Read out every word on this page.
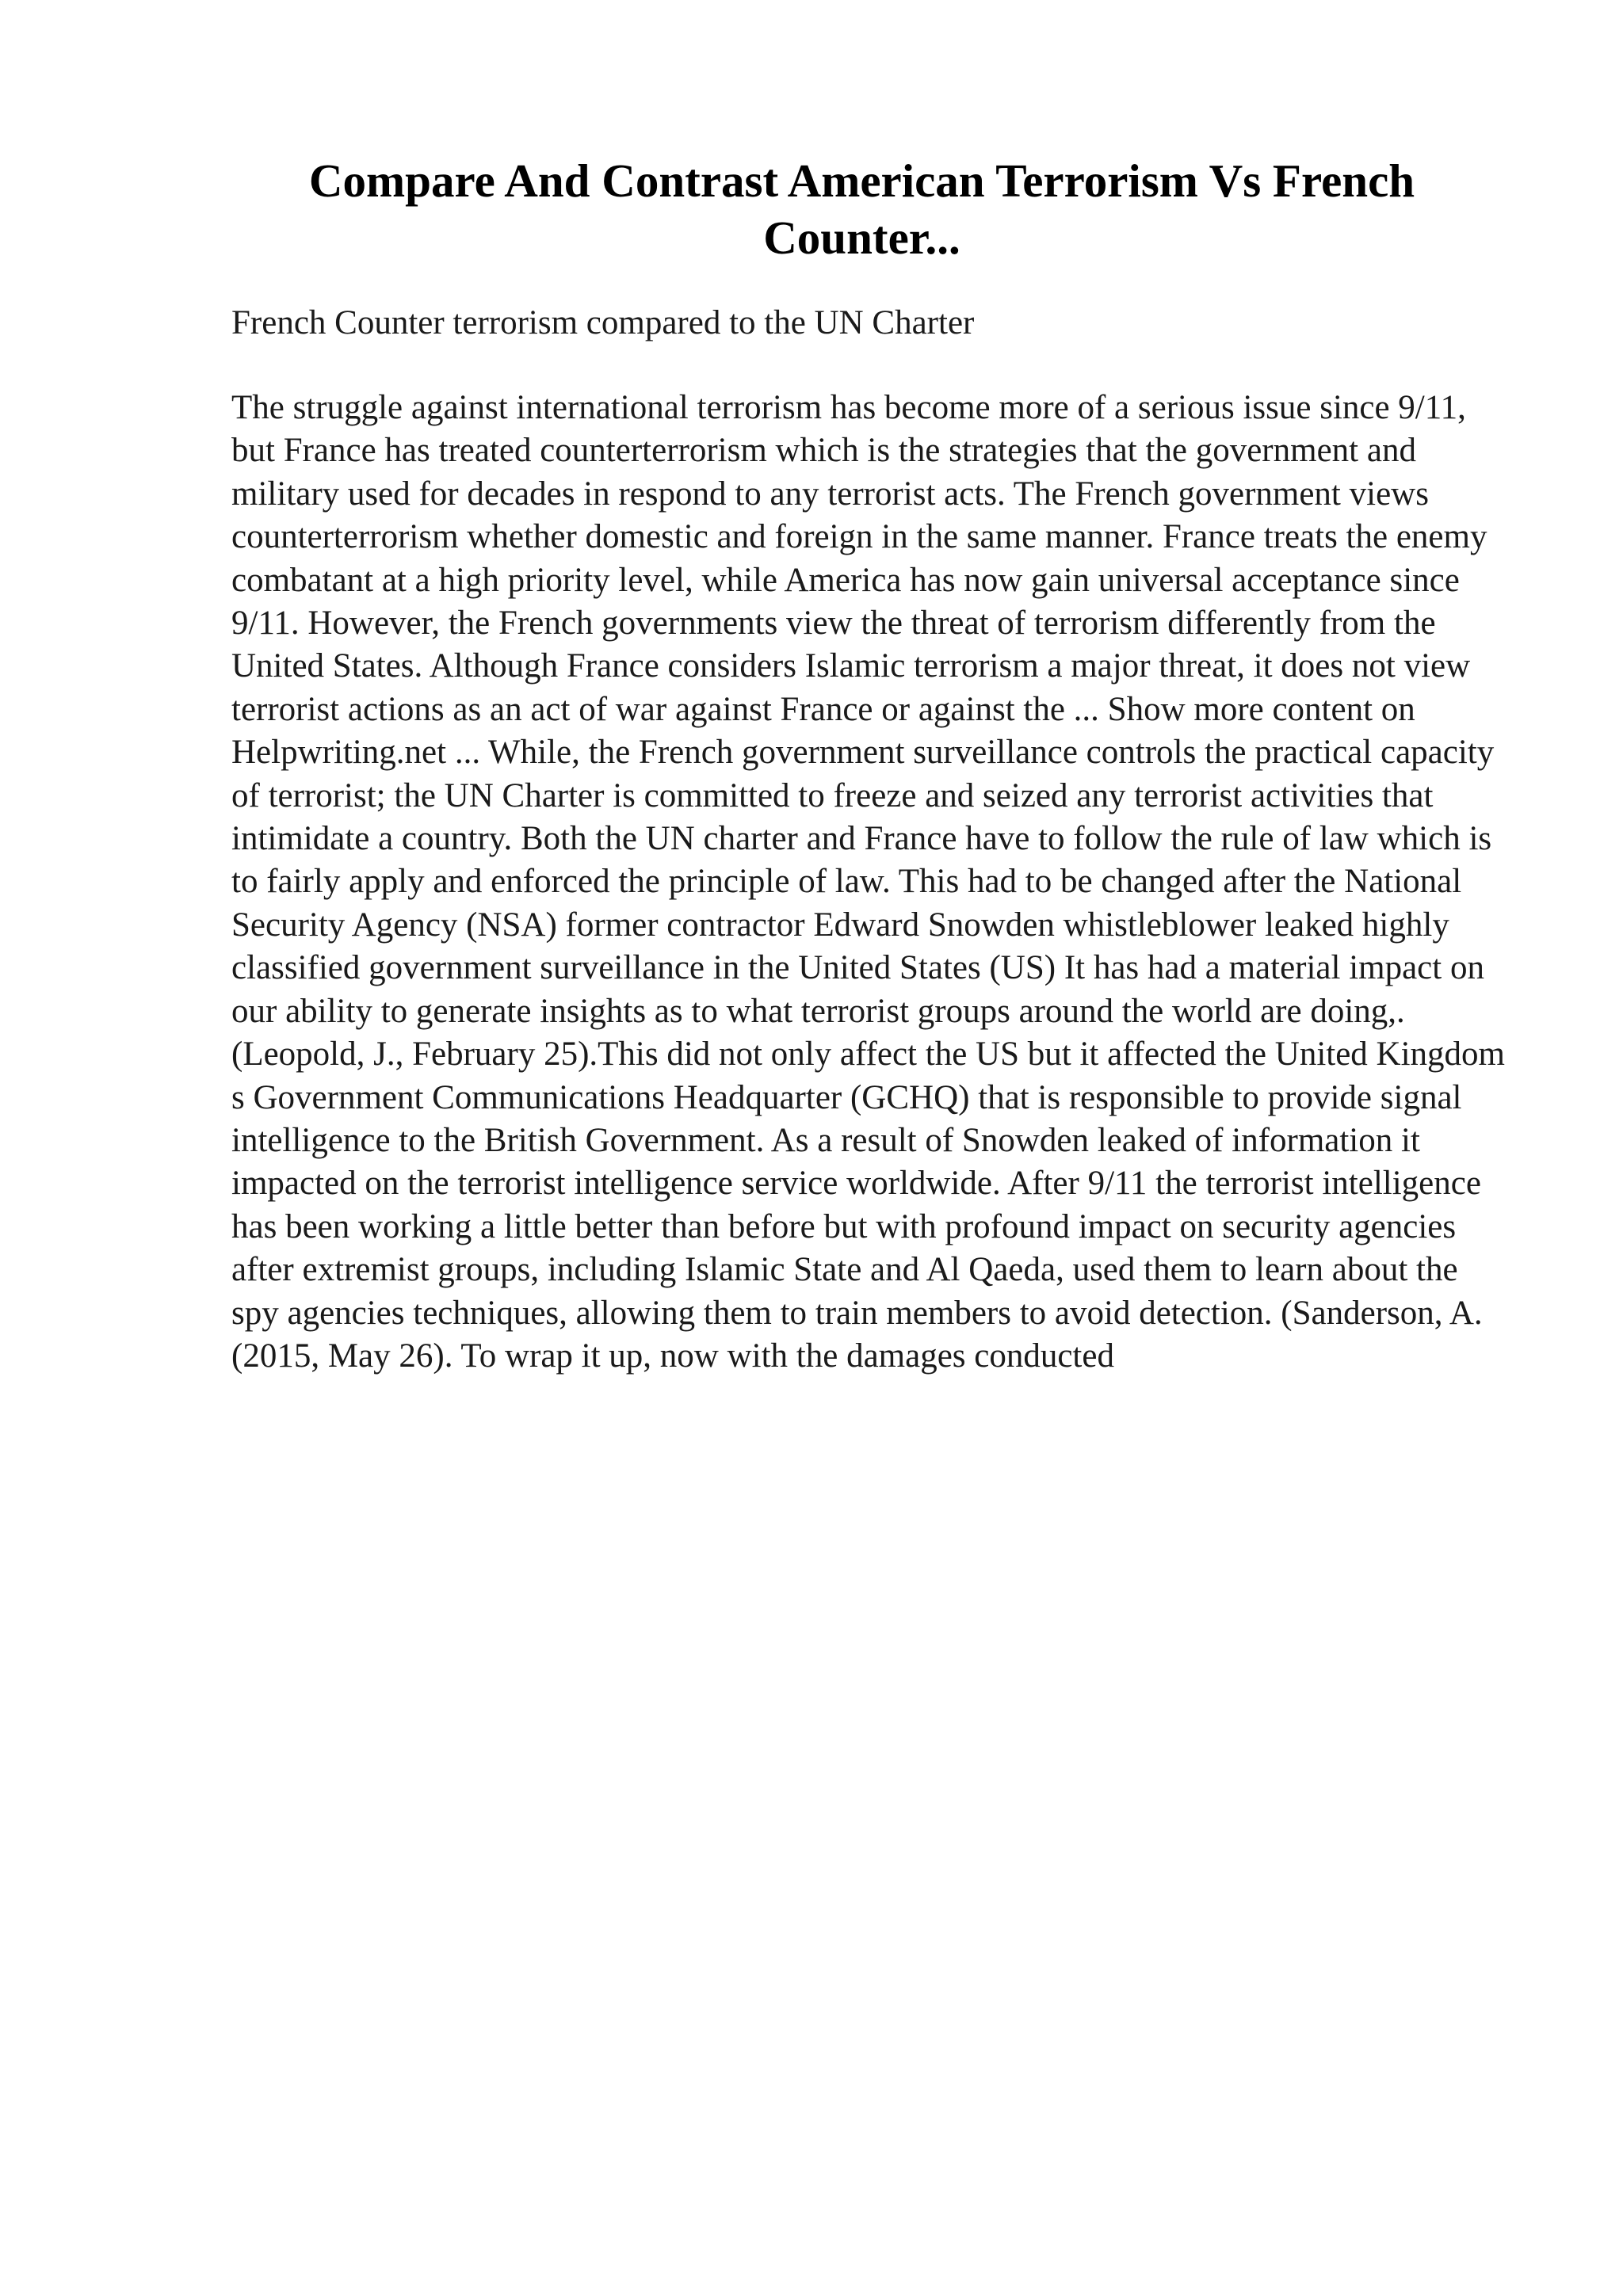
Compare And Contrast American Terrorism Vs French Counter...

French Counter terrorism compared to the UN Charter

The struggle against international terrorism has become more of a serious issue since 9/11, but France has treated counterterrorism which is the strategies that the government and military used for decades in respond to any terrorist acts. The French government views counterterrorism whether domestic and foreign in the same manner. France treats the enemy combatant at a high priority level, while America has now gain universal acceptance since 9/11. However, the French governments view the threat of terrorism differently from the United States. Although France considers Islamic terrorism a major threat, it does not view terrorist actions as an act of war against France or against the ... Show more content on Helpwriting.net ... While, the French government surveillance controls the practical capacity of terrorist; the UN Charter is committed to freeze and seized any terrorist activities that intimidate a country. Both the UN charter and France have to follow the rule of law which is to fairly apply and enforced the principle of law. This had to be changed after the National Security Agency (NSA) former contractor Edward Snowden whistleblower leaked highly classified government surveillance in the United States (US) It has had a material impact on our ability to generate insights as to what terrorist groups around the world are doing,. (Leopold, J., February 25).This did not only affect the US but it affected the United Kingdom s Government Communications Headquarter (GCHQ) that is responsible to provide signal intelligence to the British Government. As a result of Snowden leaked of information it impacted on the terrorist intelligence service worldwide. After 9/11 the terrorist intelligence has been working a little better than before but with profound impact on security agencies after extremist groups, including Islamic State and Al Qaeda, used them to learn about the spy agencies techniques, allowing them to train members to avoid detection. (Sanderson, A. (2015, May 26). To wrap it up, now with the damages conducted
